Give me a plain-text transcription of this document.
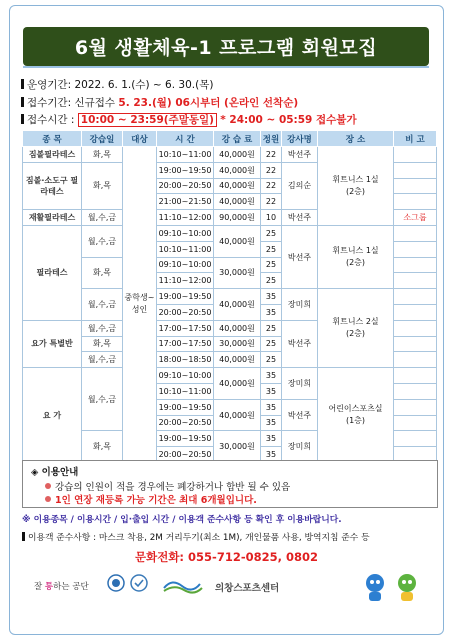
6월 생활체육-1 프로그램 회원모집
운영기간: 2022. 6. 1.(수) ~ 6. 30.(목)
접수기간: 신규접수 5. 23.(월) 06시부터 (온라인 선착순)
접수시간 : 10:00 ~ 23:59(주말동일) * 24:00 ~ 05:59 접수불가
종 목	강습일	대상	시 간	강 습 료	정원	강사명	장 소	비 고
짐볼필라테스	화,목	중학생~성인	10:10~11:00	40,000원	22	박선주	휘트니스 1실
(2층)	
짐볼·소도구 필라테스	화,목		19:00~19:50	40,000원	22	김의순		
			20:00~20:50	40,000원	22			
			21:00~21:50	40,000원	22			
재활필라테스	월,수,금		11:10~12:00	90,000원	10	박선주		소그룹
필라테스	월,수,금		09:10~10:00	40,000원	25	박선주	휘트니스 1실
(2층)	
			10:10~11:00		25			
	화,목		09:10~10:00	30,000원	25			
			11:10~12:00		25			
	월,수,금		19:00~19:50	40,000원	35	장미희	휘트니스 2실
(2층)	
			20:00~20:50		35			
요가 특별반	월,수,금		17:00~17:50	40,000원	25	박선주		
	화,목		17:00~17:50	30,000원	25			
	월,수,금		18:00~18:50	40,000원	25			
요 가	월,수,금		09:10~10:00	40,000원	35	장미희	어린이스포츠실
(1층)	
			10:10~11:00		35			
			19:00~19:50	40,000원	35	박선주		
			20:00~20:50		35			
	화,목		19:00~19:50	30,000원	35	장미희		
			20:00~20:50		35			
◈ 이용안내
강습의 인원이 적을 경우에는 폐강하거나 합반 될 수 있음
1인 연장 재등록 가능 기간은 최대 6개월입니다.
※ 이용종목 / 이용시간 / 입·출입 시간 / 이용객 준수사항 등 확인 후 이용바랍니다.
이용객 준수사항 : 마스크 착용, 2M 거리두기(최소 1M), 개인물품 사용, 방역지침 준수 등
문화전화: 055-712-0825, 0802
잘 통하는 공단	의창스포츠센터
